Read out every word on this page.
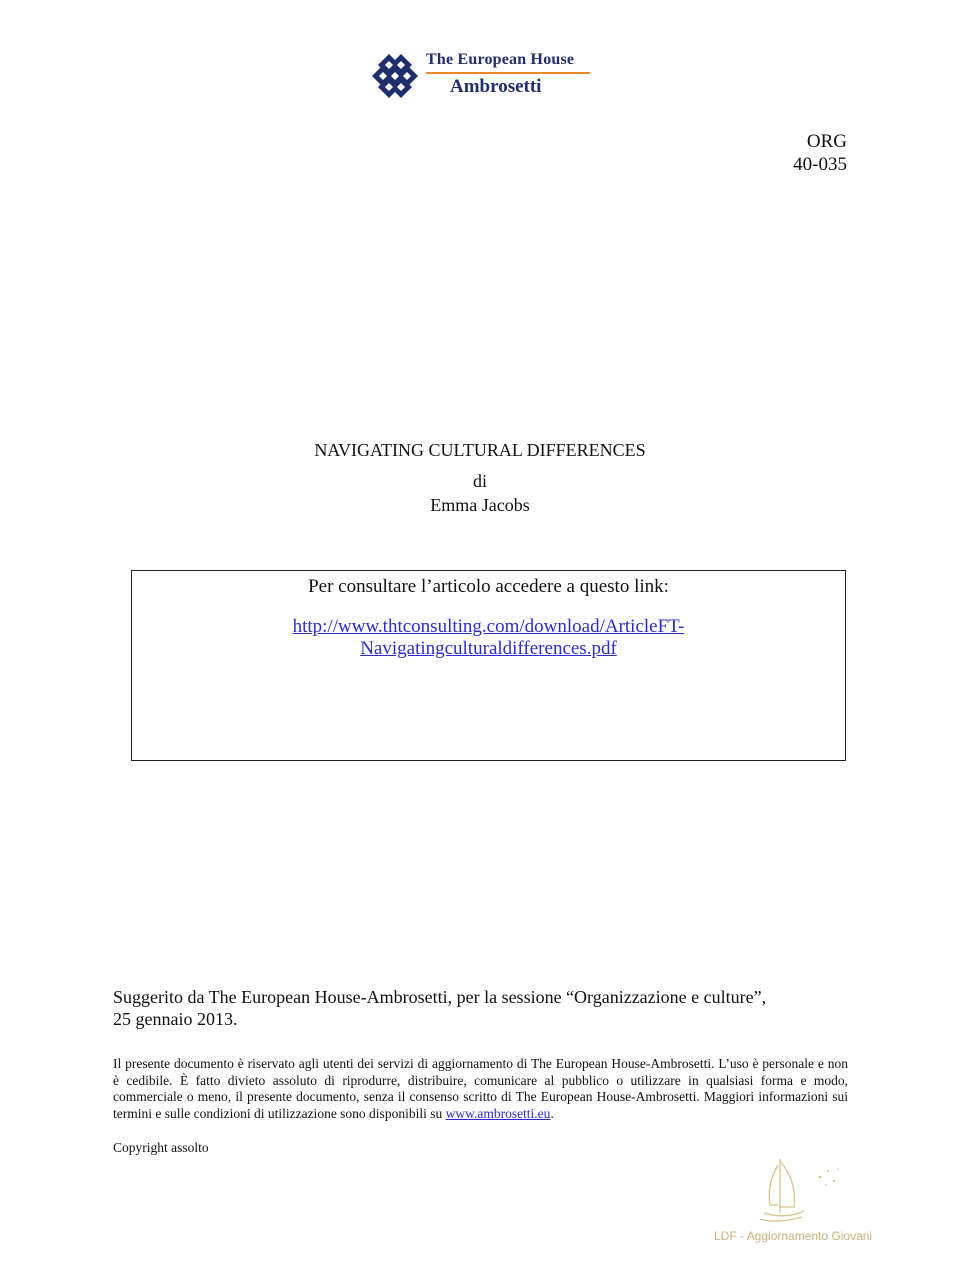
The European House
Ambrosetti
ORG
40-035
NAVIGATING CULTURAL DIFFERENCES
di
Emma Jacobs
Per consultare l’articolo accedere a questo link:
http://www.thtconsulting.com/download/ArticleFT-
Navigatingculturaldifferences.pdf
Suggerito da The European House-Ambrosetti, per la sessione “Organizzazione e culture”,
25 gennaio 2013.
Il presente documento è riservato agli utenti dei servizi di aggiornamento di The European House-Ambrosetti. L’uso è personale e non è cedibile. È fatto divieto assoluto di riprodurre, distribuire, comunicare al pubblico o utilizzare in qualsiasi forma e modo, commerciale o meno, il presente documento, senza il consenso scritto di The European House-Ambrosetti. Maggiori informazioni sui termini e sulle condizioni di utilizzazione sono disponibili su www.ambrosetti.eu.
Copyright assolto
LDF - Aggiornamento Giovani
